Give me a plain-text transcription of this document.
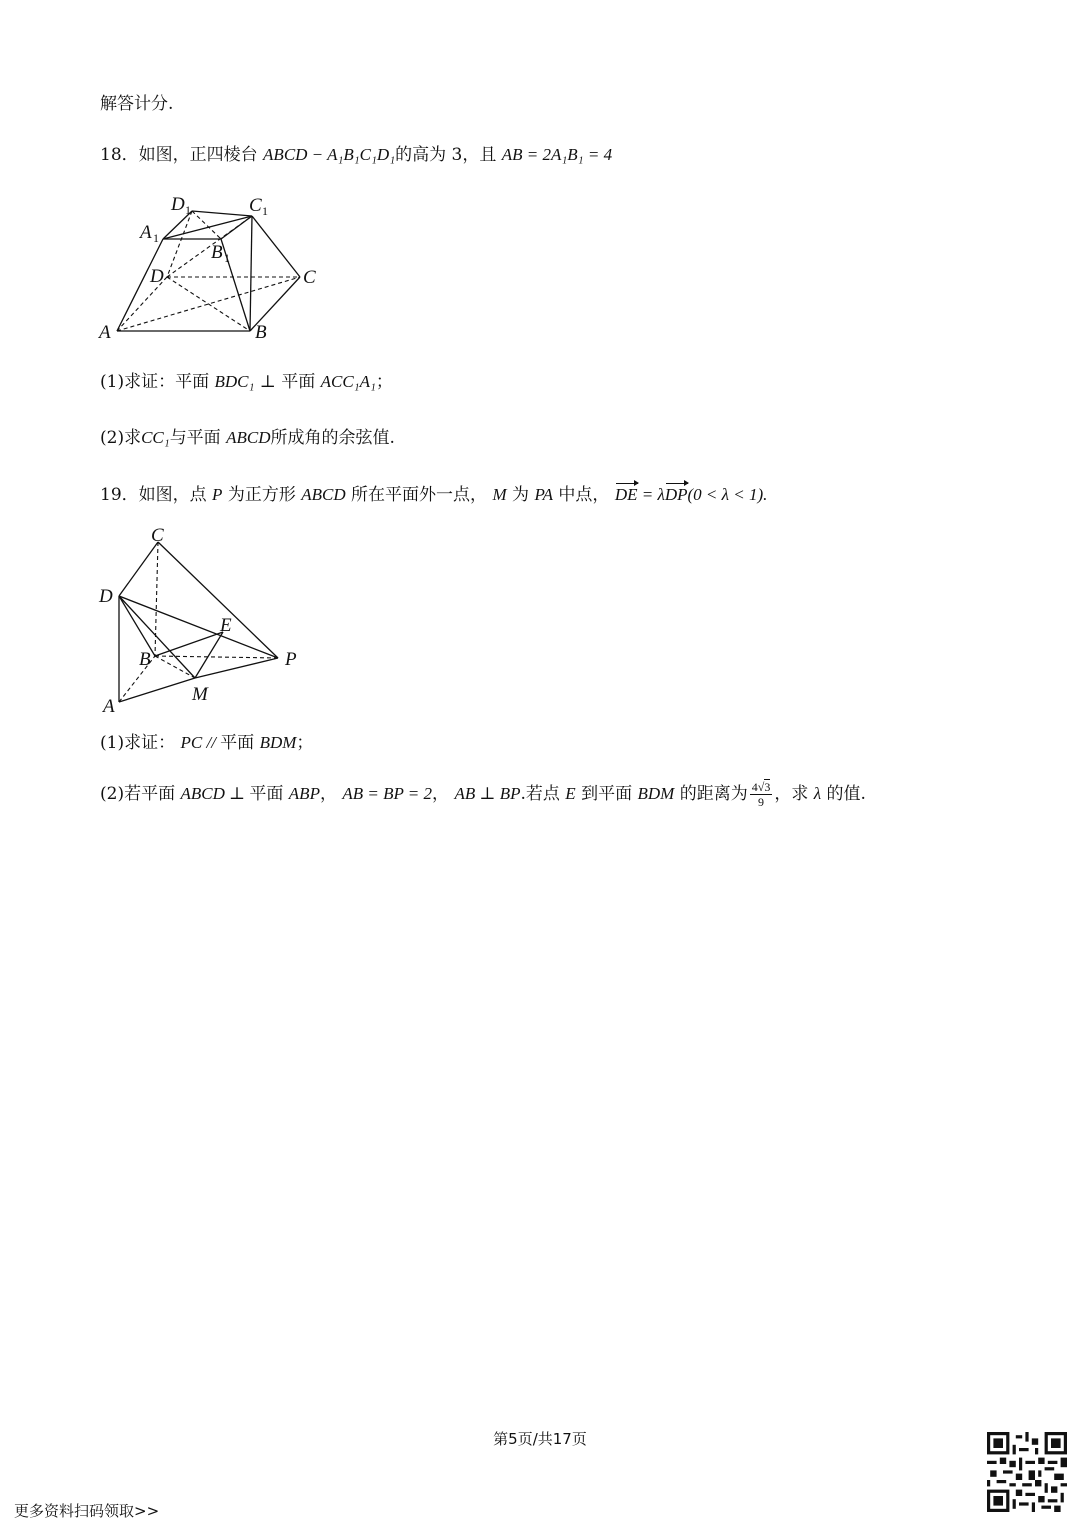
解答计分.
18．如图，正四棱台 ABCD − A₁B₁C₁D₁的高为 3，且 AB = 2A₁B₁ = 4
D 1	C 1
A 1
B 1
D	C
A	B
(1)求证：平面 BDC₁ ⊥ 平面 ACC₁A₁；
(2)求CC₁与平面 ABCD所成角的余弦值.
19．如图，点 P 为正方形 ABCD 所在平面外一点， M 为 PA 中点， DE = λDP(0 < λ < 1).
C
D
E
B	P
M
A
(1)求证： PC // 平面 BDM；
(2)若平面 ABCD ⊥ 平面 ABP， AB = BP = 2， AB ⊥ BP.若点 E 到平面 BDM 的距离为 $\frac{4√3}{9}$ ，求 λ 的值.
第5页/共17页
更多资料扫码领取>>
